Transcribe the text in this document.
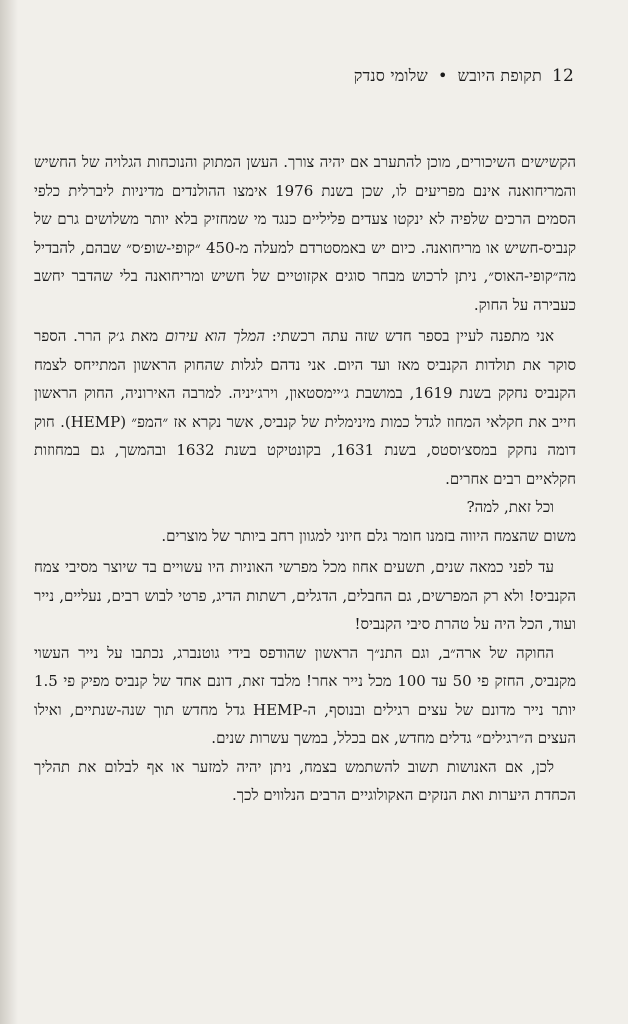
12
תקופת היובש
•
שלומי סנדק

הקשישים השיכורים, מוכן להתערב אם יהיה צורך. העשן המתוק והנוכחות הגלויה של החשיש והמריחואנה אינם מפריעים לו, שכן בשנת 1976 אימצו ההולנדים מדיניות ליברלית כלפי הסמים הרכים שלפיה לא ינקטו צעדים פליליים כנגד מי שמחזיק בלא יותר משלושים גרם של קנביס-חשיש או מריחואנה. כיום יש באמסטרדם למעלה מ-450 ״קופי-שופ׳ס״ שבהם, להבדיל מה״קופי-האוס״, ניתן לרכוש מבחר סוגים אקזוטיים של חשיש ומריחואנה בלי שהדבר יחשב כעבירה על החוק.

אני מתפנה לעיין בספר חדש שזה עתה רכשתי: המלך הוא עירום מאת ג׳ק הרר. הספר סוקר את תולדות הקנביס מאז ועד היום. אני נדהם לגלות שהחוק הראשון המתייחס לצמח הקנביס נחקק בשנת 1619, במושבת ג׳יימסטאון, וירג׳יניה. למרבה האירוניה, החוק הראשון חייב את חקלאי המחוז לגדל כמות מינימלית של קנביס, אשר נקרא אז ״המפ״ (HEMP). חוק דומה נחקק במסצ׳וסטס, בשנת 1631, בקונטיקט בשנת 1632 ובהמשך, גם במחוזות חקלאיים רבים אחרים.

וכל זאת, למה?

משום שהצמח היווה בזמנו חומר גלם חיוני למגוון רחב ביותר של מוצרים.

עד לפני כמאה שנים, תשעים אחוז מכל מפרשי האוניות היו עשויים בד שיוצר מסיבי צמח הקנביס! ולא רק המפרשים, גם החבלים, הדגלים, רשתות הדיג, פרטי לבוש רבים, נעליים, נייר ועוד, הכל היה על טהרת סיבי הקנביס!

החוקה של ארה״ב, וגם התנ״ך הראשון שהודפס בידי גוטנברג, נכתבו על נייר העשוי מקנביס, החזק פי 50 עד 100 מכל נייר אחר! מלבד זאת, דונם אחד של קנביס מפיק פי 1.5 יותר נייר מדונם של עצים רגילים ובנוסף, ה-HEMP גדל מחדש תוך שנה-שנתיים, ואילו העצים ה״רגילים״ גדלים מחדש, אם בכלל, במשך עשרות שנים.

לכן, אם האנושות תשוב להשתמש בצמח, ניתן יהיה למזער או אף לבלום את תהליך הכחדת היערות ואת הנזקים האקולוגיים הרבים הנלווים לכך.
